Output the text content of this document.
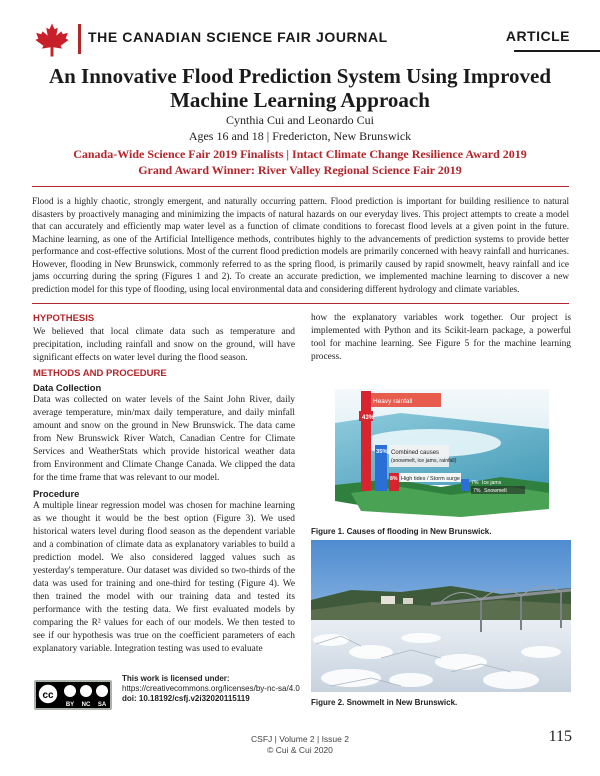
THE CANADIAN SCIENCE FAIR JOURNAL	ARTICLE
An Innovative Flood Prediction System Using Improved
Machine Learning Approach
Cynthia Cui and Leonardo Cui
Ages 16 and 18 | Fredericton, New Brunswick
Canada-Wide Science Fair 2019 Finalists | Intact Climate Change Resilience Award 2019
Grand Award Winner: River Valley Regional Science Fair 2019
Flood is a highly chaotic, strongly emergent, and naturally occurring pattern. Flood prediction is important for building resilience to natural disasters by proactively managing and minimizing the impacts of natural hazards on our everyday lives. This project attempts to create a model that can accurately and efficiently map water level as a function of climate conditions to forecast flood levels at a given point in the future. Machine learning, as one of the Artificial Intelligence methods, contributes highly to the advancements of prediction systems to provide better performance and cost-effective solutions. Most of the current flood prediction models are primarily concerned with heavy rainfall and hurricanes. However, flooding in New Brunswick, commonly referred to as the spring flood, is primarily caused by rapid snowmelt, heavy rainfall and ice jams occurring during the spring (Figures 1 and 2). To create an accurate prediction, we implemented machine learning to discover a new prediction model for this type of flooding, using local environmental data and considering different hydrology and climate variables.
HYPOTHESIS
We believed that local climate data such as temperature and precipitation, including rainfall and snow on the ground, will have significant effects on water level during the flood season.
METHODS AND PROCEDURE
Data Collection
Data was collected on water levels of the Saint John River, daily average temperature, min/max daily temperature, and daily minfall amount and snow on the ground in New Brunswick. The data came from New Brunswick River Watch, Canadian Centre for Climate Services and WeatherStats which provide historical weather data from Environment and Climate Change Canada. We clipped the data for the time frame that was relevant to our model.
Procedure
A multiple linear regression model was chosen for machine learning as we thought it would be the best option (Figure 3). We used historical waters level during flood season as the dependent variable and a combination of climate data as explanatory variables to build a prediction model. We also considered lagged values such as yesterday's temperature. Our dataset was divided so two-thirds of the data was used for training and one-third for testing (Figure 4). We then trained the model with our training data and tested its performance with the testing data. We first evaluated models by comparing the R² values for each of our models. We then tested to see if our hypothesis was true on the coefficient parameters of each explanatory variable. Integration testing was used to evaluate
how the explanatory variables work together. Our project is implemented with Python and its Scikit-learn package, a powerful tool for machine learning. See Figure 5 for the machine learning process.
Heavy rainfall
43%
35% Combined causes
(snowmelt, ice jams, rainfall)
8% High tides / Storm surge
7% Ice jams
7% Snowmelt
Figure 1. Causes of flooding in New Brunswick.
Figure 2. Snowmelt in New Brunswick.
cc
BY NC SA
This work is licensed under:
https://creativecommons.org/licenses/by-nc-sa/4.0
doi: 10.18192/csfj.v2i32020115119
CSFJ | Volume 2 | Issue 2
© Cui & Cui 2020
115
